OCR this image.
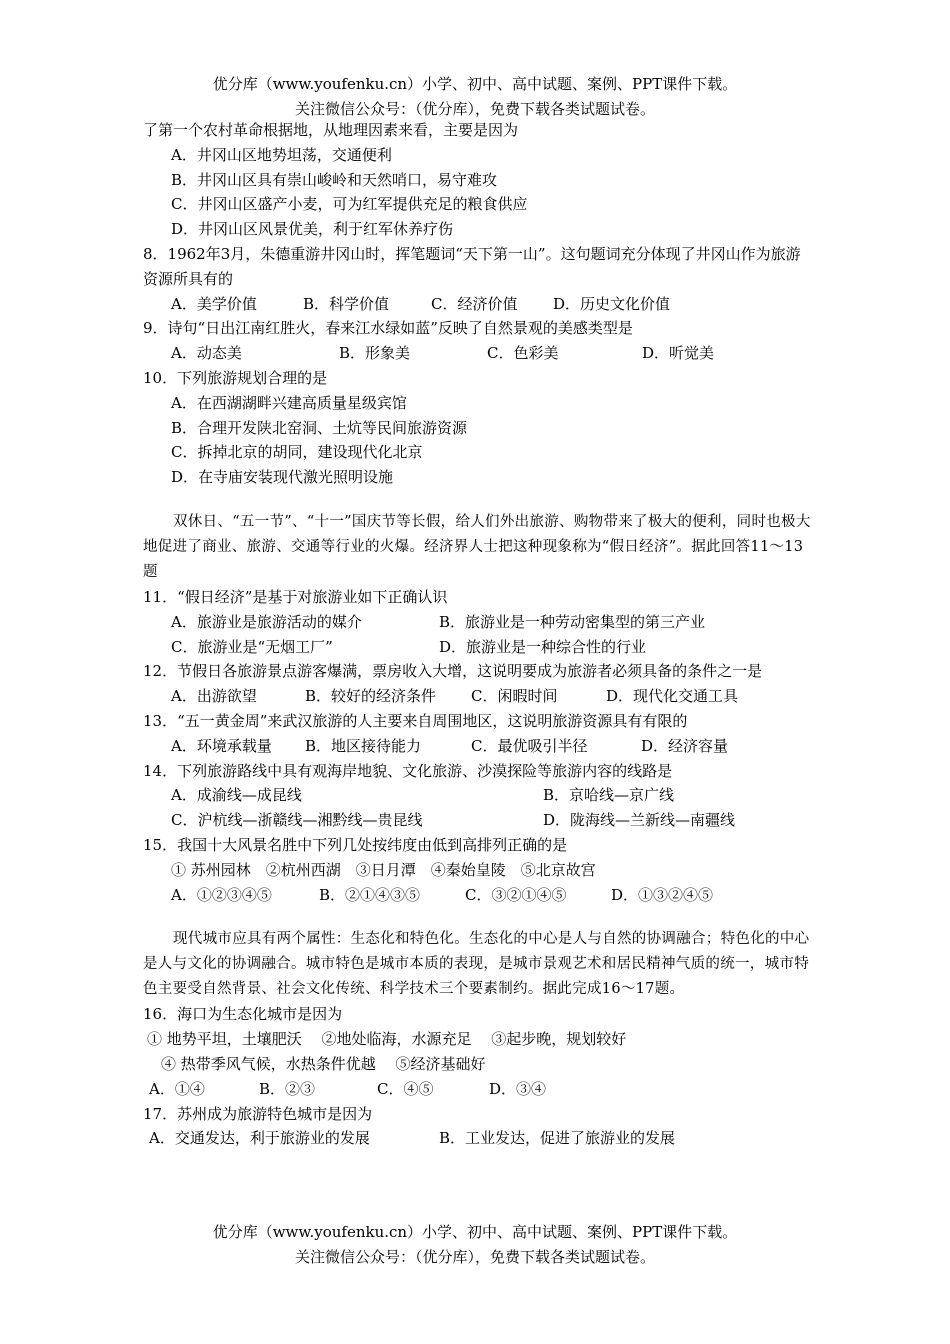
优分库（www.youfenku.cn）小学、初中、高中试题、案例、PPT课件下载。
关注微信公众号：（优分库），免费下载各类试题试卷。
了第一个农村革命根据地，从地理因素来看，主要是因为
A．井冈山区地势坦荡，交通便利
B．井冈山区具有崇山峻岭和天然哨口，易守难攻
C．井冈山区盛产小麦，可为红军提供充足的粮食供应
D．井冈山区风景优美，利于红军休养疗伤
8．1962年3月，朱德重游井冈山时，挥笔题词“天下第一山”。这句题词充分体现了井冈山作为旅游资源所具有的
A．美学价值	B．科学价值	C．经济价值	D．历史文化价值
9．诗句“日出江南红胜火，春来江水绿如蓝”反映了自然景观的美感类型是
A．动态美	B．形象美	C．色彩美	D．听觉美
10．下列旅游规划合理的是
A．在西湖湖畔兴建高质量星级宾馆
B．合理开发陕北窑洞、土炕等民间旅游资源
C．拆掉北京的胡同，建设现代化北京
D．在寺庙安装现代激光照明设施
双休日、“五一节”、“十一”国庆节等长假，给人们外出旅游、购物带来了极大的便利，同时也极大地促进了商业、旅游、交通等行业的火爆。经济界人士把这种现象称为“假日经济”。据此回答11～13题
11．“假日经济”是基于对旅游业如下正确认识
A．旅游业是旅游活动的媒介	B．旅游业是一种劳动密集型的第三产业
C．旅游业是“无烟工厂”	D．旅游业是一种综合性的行业
12．节假日各旅游景点游客爆满，票房收入大增，这说明要成为旅游者必须具备的条件之一是
A．出游欲望	B．较好的经济条件	C．闲暇时间	D．现代化交通工具
13．“五一黄金周”来武汉旅游的人主要来自周围地区，这说明旅游资源具有有限的
A．环境承载量	B．地区接待能力	C．最优吸引半径	D．经济容量
14．下列旅游路线中具有观海岸地貌、文化旅游、沙漠探险等旅游内容的线路是
A．成渝线—成昆线	B．京哈线—京广线
C．沪杭线—浙赣线—湘黔线—贵昆线	D．陇海线—兰新线—南疆线
15．我国十大风景名胜中下列几处按纬度由低到高排列正确的是
① 苏州园林　②杭州西湖　③日月潭　④秦始皇陵　⑤北京故宫
A．①②③④⑤	B．②①④③⑤	C．③②①④⑤	D．①③②④⑤
现代城市应具有两个属性：生态化和特色化。生态化的中心是人与自然的协调融合；特色化的中心是人与文化的协调融合。城市特色是城市本质的表现，是城市景观艺术和居民精神气质的统一，城市特色主要受自然背景、社会文化传统、科学技术三个要素制约。据此完成16～17题。
16．海口为生态化城市是因为
① 地势平坦，土壤肥沃　 ②地处临海，水源充足　 ③起步晚，规划较好
④ 热带季风气候，水热条件优越　 ⑤经济基础好
A．①④	B．②③	C．④⑤	D．③④
17．苏州成为旅游特色城市是因为
A．交通发达，利于旅游业的发展	B．工业发达，促进了旅游业的发展
优分库（www.youfenku.cn）小学、初中、高中试题、案例、PPT课件下载。
关注微信公众号：（优分库），免费下载各类试题试卷。
